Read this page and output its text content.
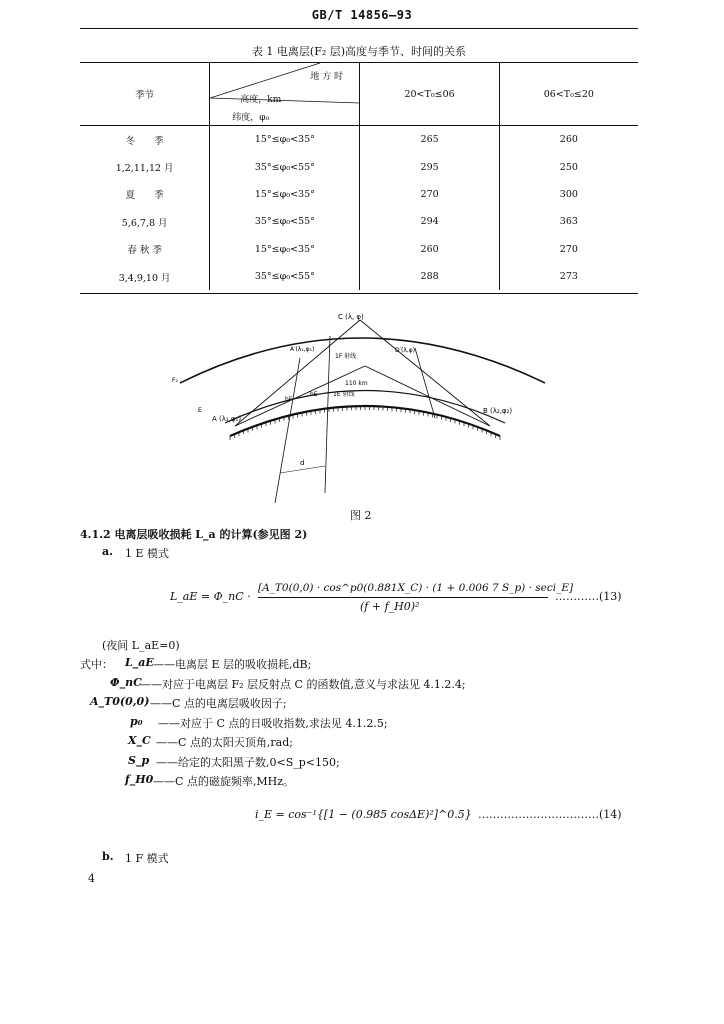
GB/T 14856—93
表 1 电离层(F₂ 层)高度与季节、时间的关系
季节	地 方 时
高度，km
纬度，φ₀	20<T₀≤06	06<T₀≤20
冬　　季	15°≤φ₀<35°	265	260
1,2,11,12 月	35°≤φ₀<55°	295	250
夏　　季	15°≤φ₀<35°	270	300
5,6,7,8 月	35°≤φ₀<55°	294	363
春 秋 季	15°≤φ₀<35°	260	270
3,4,9,10 月	35°≤φ₀<55°	288	273
C (λ, φ)
A′(λ₁,φ₁)	D′(λ,φ)
1F 射线
110 km
1E 射线
A (λ₁,φ₁)
B (λ₂,φ₂)
hF
hE
d
F₂
E
图 2
4.1.2 电离层吸收损耗 L_a 的计算(参见图 2)
a. 1 E 模式
L_aE = Φ_nC ·
[A_T0(0,0) · cos^p0(0.881X_C) · (1 + 0.006 7 S_p) · seci_E]
(f + f_H0)²
…………(13)
(夜间 L_aE=0)
式中： L_aE ——电离层 E 层的吸收损耗,dB;
Φ_nC
——对应于电离层 F₂ 层反射点 C 的函数值,意义与求法见 4.1.2.4;
A_T0(0,0) ——C 点的电离层吸收因子;
p₀ ——对应于 C 点的日吸收指数,求法见 4.1.2.5;
X_C ——C 点的太阳天顶角,rad;
S_p ——给定的太阳黑子数,0<S_p<150;
f_H0 ——C 点的磁旋频率,MHz。
i_E = cos⁻¹{[1 − (0.985 cosΔE)²]^0.5} ……………………………(14)
b. 1 F 模式
4
